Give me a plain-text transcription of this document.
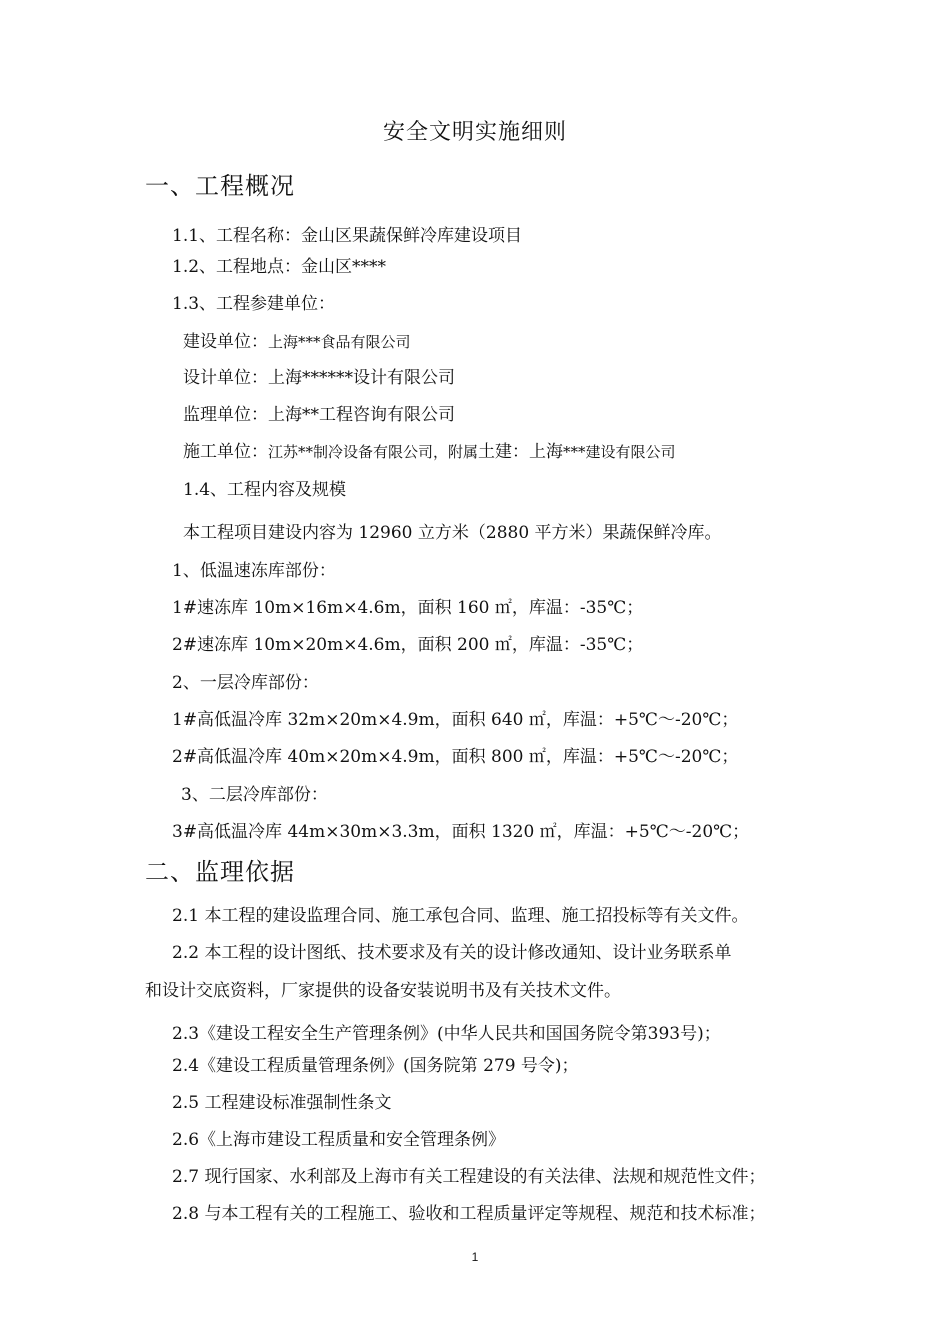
安全文明实施细则
一、工程概况
1.1、工程名称：金山区果蔬保鲜冷库建设项目
1.2、工程地点：金山区****
1.3、工程参建单位：
建设单位：上海***食品有限公司
设计单位：上海******设计有限公司
监理单位：上海**工程咨询有限公司
施工单位：江苏**制冷设备有限公司，附属土建：上海***建设有限公司
1.4、工程内容及规模
本工程项目建设内容为 12960 立方米（2880 平方米）果蔬保鲜冷库。
1、低温速冻库部份：
1#速冻库 10m×16m×4.6m，面积 160 ㎡，库温：-35℃；
2#速冻库 10m×20m×4.6m，面积 200 ㎡，库温：-35℃；
2、一层冷库部份：
1#高低温冷库 32m×20m×4.9m，面积 640 ㎡，库温：+5℃～-20℃；
2#高低温冷库 40m×20m×4.9m，面积 800 ㎡，库温：+5℃～-20℃；
3、二层冷库部份：
3#高低温冷库 44m×30m×3.3m，面积 1320 ㎡，库温：+5℃～-20℃；
二、监理依据
2.1 本工程的建设监理合同、施工承包合同、监理、施工招投标等有关文件。
2.2 本工程的设计图纸、技术要求及有关的设计修改通知、设计业务联系单
和设计交底资料，厂家提供的设备安装说明书及有关技术文件。
2.3《建设工程安全生产管理条例》(中华人民共和国国务院令第393号)；
2.4《建设工程质量管理条例》(国务院第 279 号令)；
2.5 工程建设标准强制性条文
2.6《上海市建设工程质量和安全管理条例》
2.7 现行国家、水利部及上海市有关工程建设的有关法律、法规和规范性文件；
2.8 与本工程有关的工程施工、验收和工程质量评定等规程、规范和技术标准；
1
